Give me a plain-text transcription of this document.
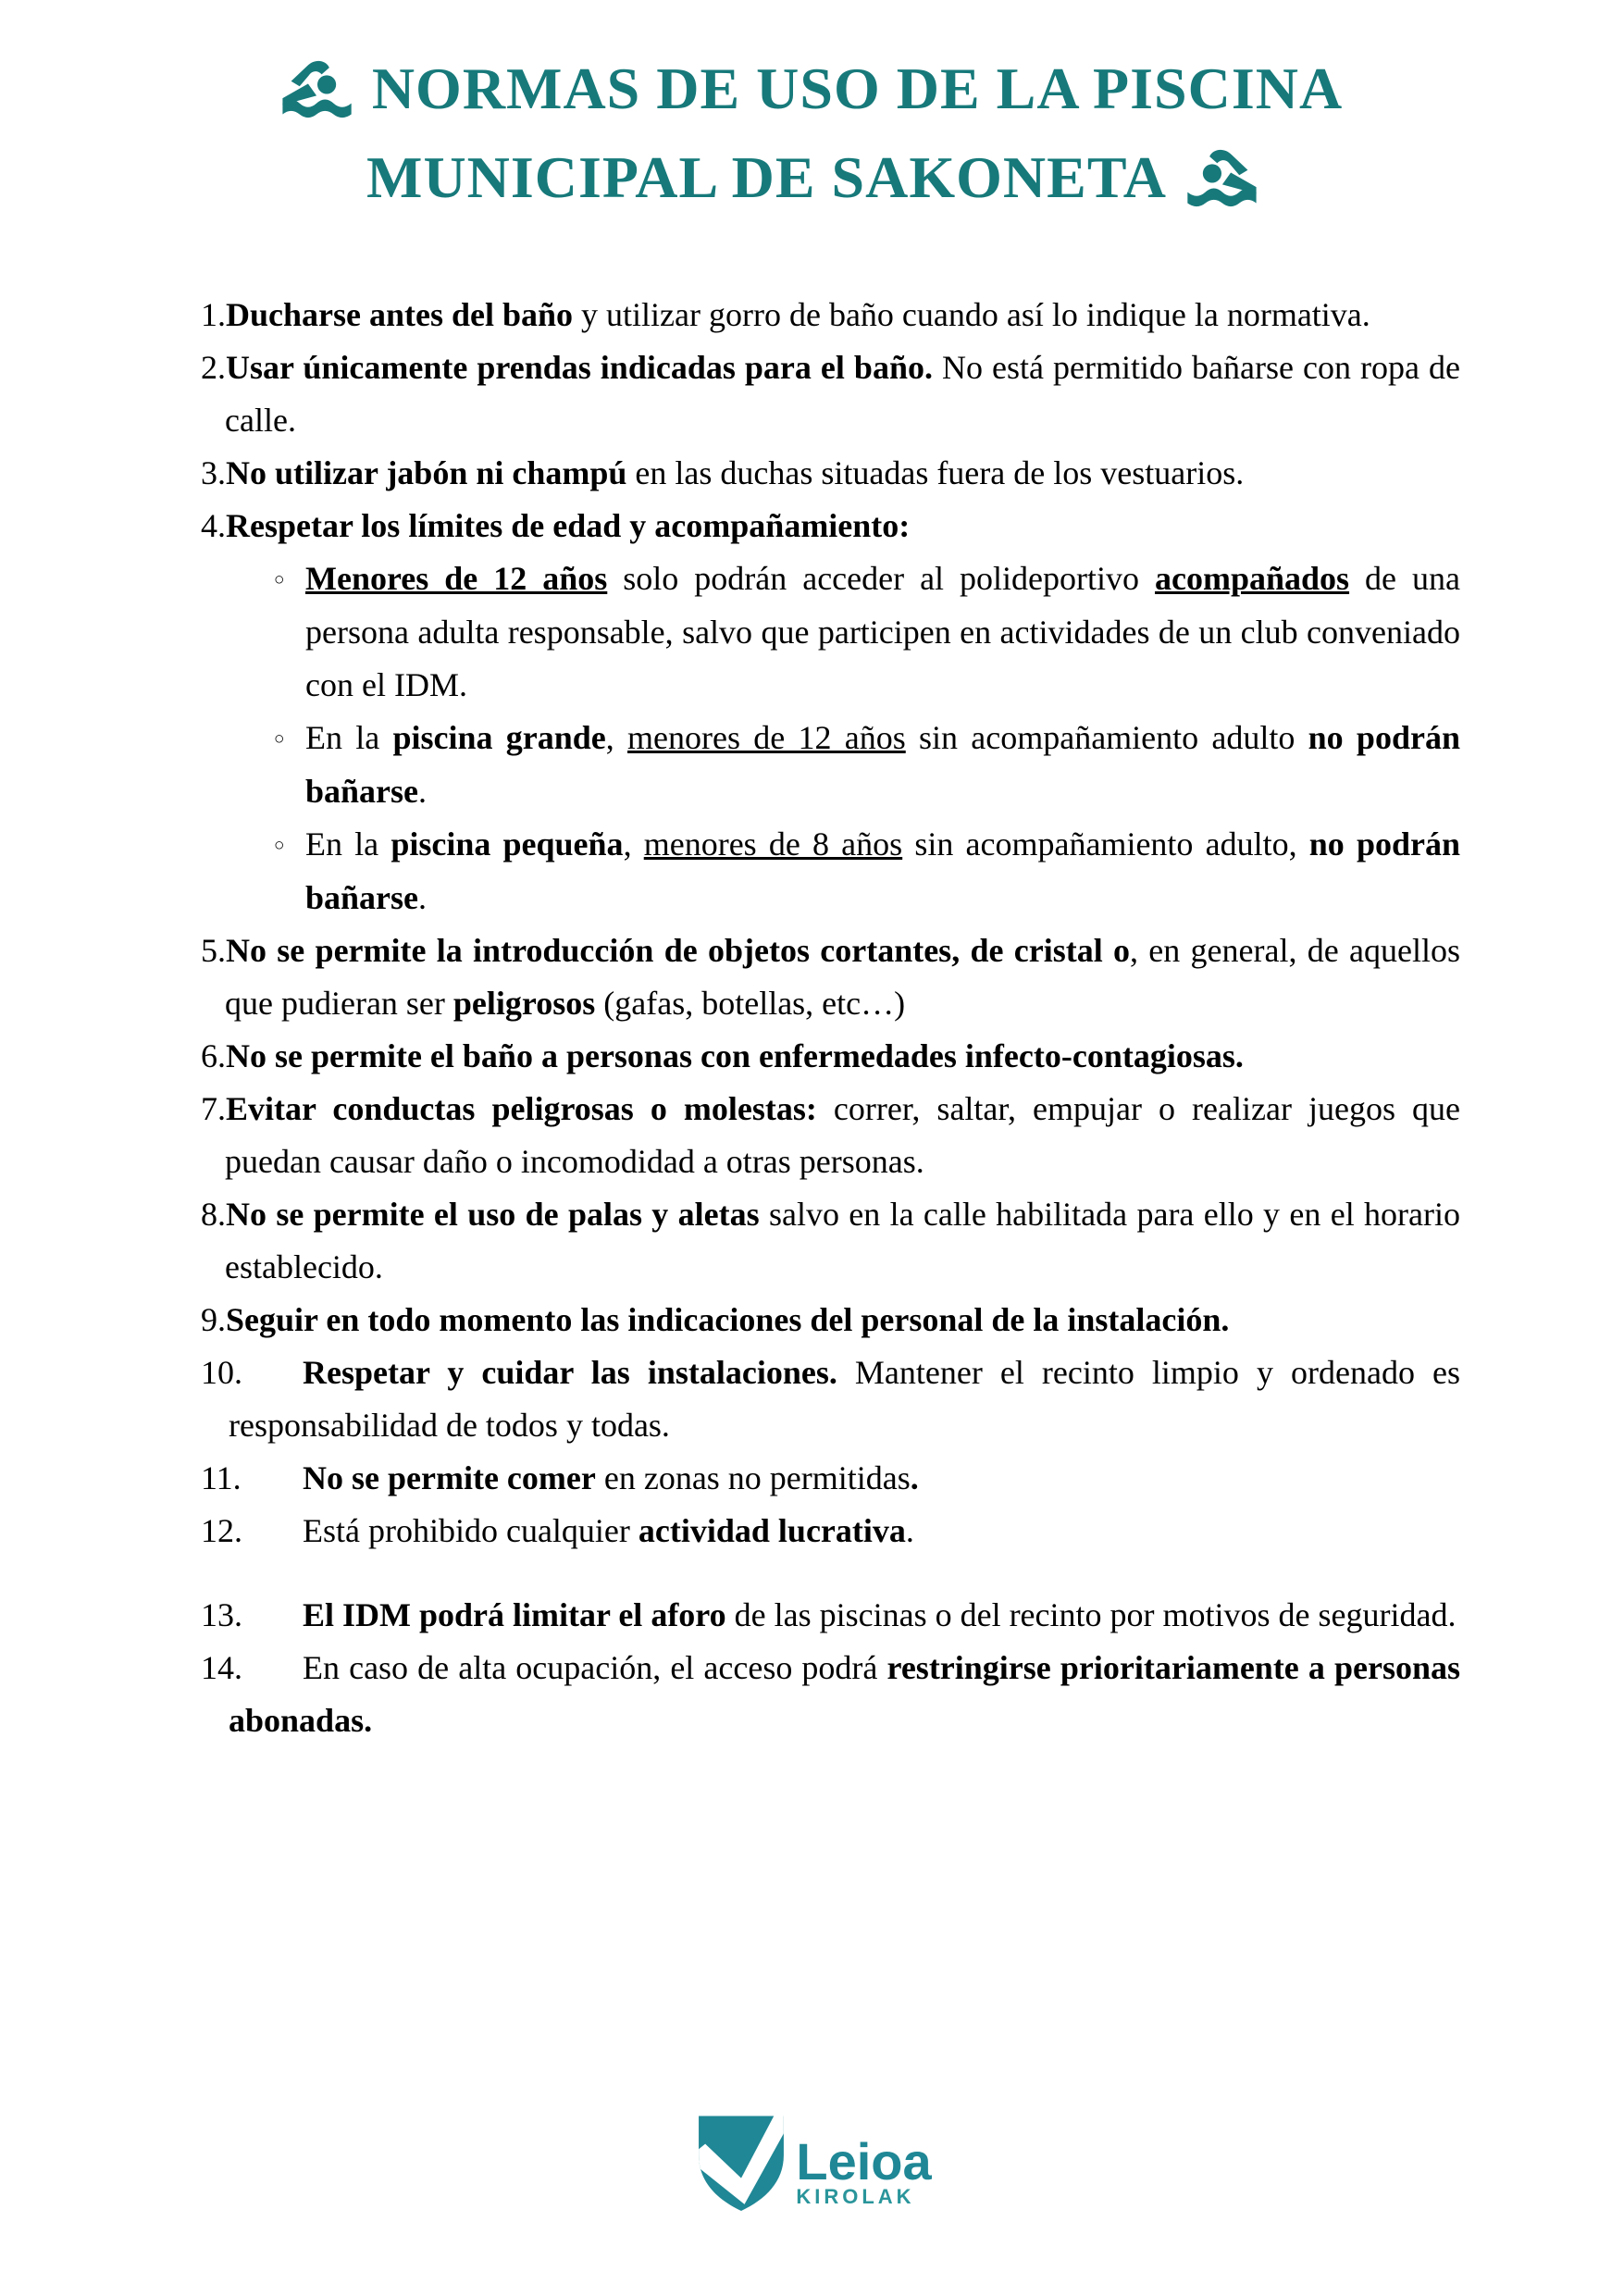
NORMAS DE USO DE LA PISCINA
MUNICIPAL DE SAKONETA

1.Ducharse antes del baño y utilizar gorro de baño cuando así lo indique la normativa.

2.Usar únicamente prendas indicadas para el baño. No está permitido bañarse con ropa de calle.

3.No utilizar jabón ni champú en las duchas situadas fuera de los vestuarios.

4.Respetar los límites de edad y acompañamiento:

○ Menores de 12 años solo podrán acceder al polideportivo acompañados de una persona adulta responsable, salvo que participen en actividades de un club conveniado con el IDM.

○ En la piscina grande, menores de 12 años sin acompañamiento adulto no podrán bañarse.

○ En la piscina pequeña, menores de 8 años sin acompañamiento adulto, no podrán bañarse.

5.No se permite la introducción de objetos cortantes, de cristal o, en general, de aquellos que pudieran ser peligrosos (gafas, botellas, etc…)

6.No se permite el baño a personas con enfermedades infecto-contagiosas.

7.Evitar conductas peligrosas o molestas: correr, saltar, empujar o realizar juegos que puedan causar daño o incomodidad a otras personas.

8.No se permite el uso de palas y aletas salvo en la calle habilitada para ello y en el horario establecido.

9.Seguir en todo momento las indicaciones del personal de la instalación.

10. Respetar y cuidar las instalaciones. Mantener el recinto limpio y ordenado es responsabilidad de todos y todas.

11. No se permite comer en zonas no permitidas.

12. Está prohibido cualquier actividad lucrativa.

13. El IDM podrá limitar el aforo de las piscinas o del recinto por motivos de seguridad.

14. En caso de alta ocupación, el acceso podrá restringirse prioritariamente a personas abonadas.

Leioa
KIROLAK
